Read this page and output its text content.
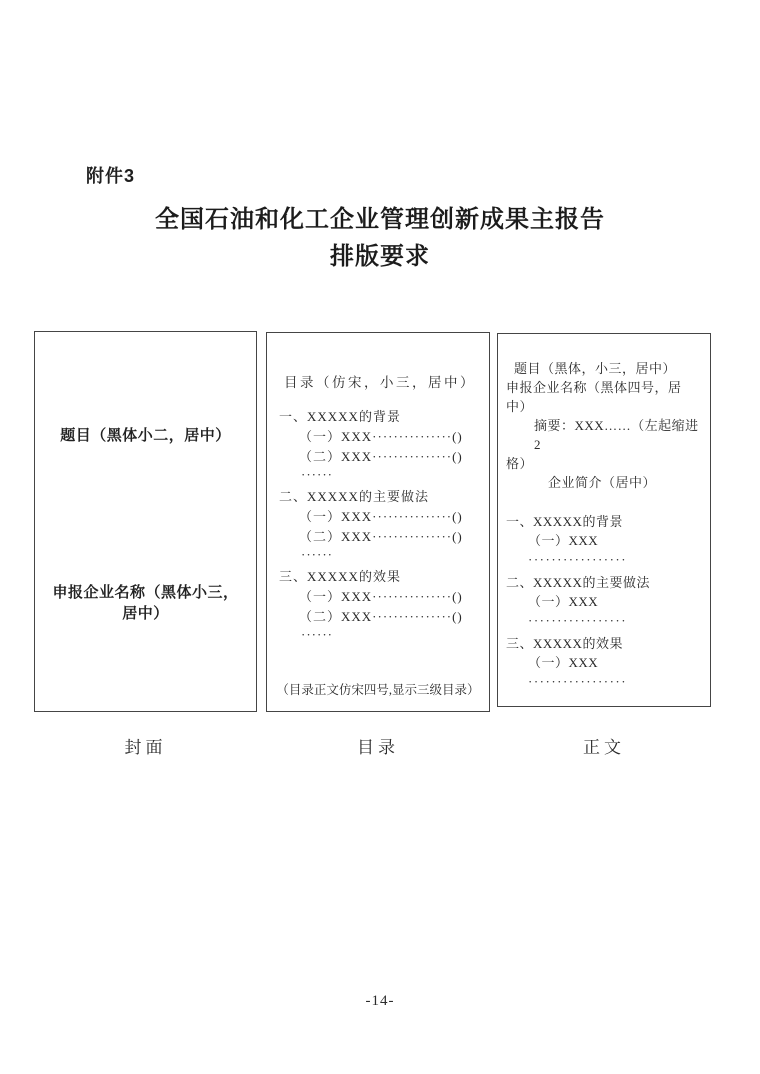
附件3
全国石油和化工企业管理创新成果主报告
排版要求
题目（黑体小二，居中）
申报企业名称（黑体小三，居中）
目录（仿宋，小三，居中）
一、XXXXX的背景
（一）XXX···············()
（二）XXX···············()
······
二、XXXXX的主要做法
（一）XXX···············()
（二）XXX···············()
······
三、XXXXX的效果
（一）XXX···············()
（二）XXX···············()
······
（目录正文仿宋四号,显示三级目录）
题目（黑体，小三，居中）
申报企业名称（黑体四号，居
中）
摘要：XXX……（左起缩进2
格）
企业简介（居中）
一、XXXXX的背景
（一）XXX
·················
二、XXXXX的主要做法
（一）XXX
·················
三、XXXXX的效果
（一）XXX
·················
封面	目录	正文
-14-
